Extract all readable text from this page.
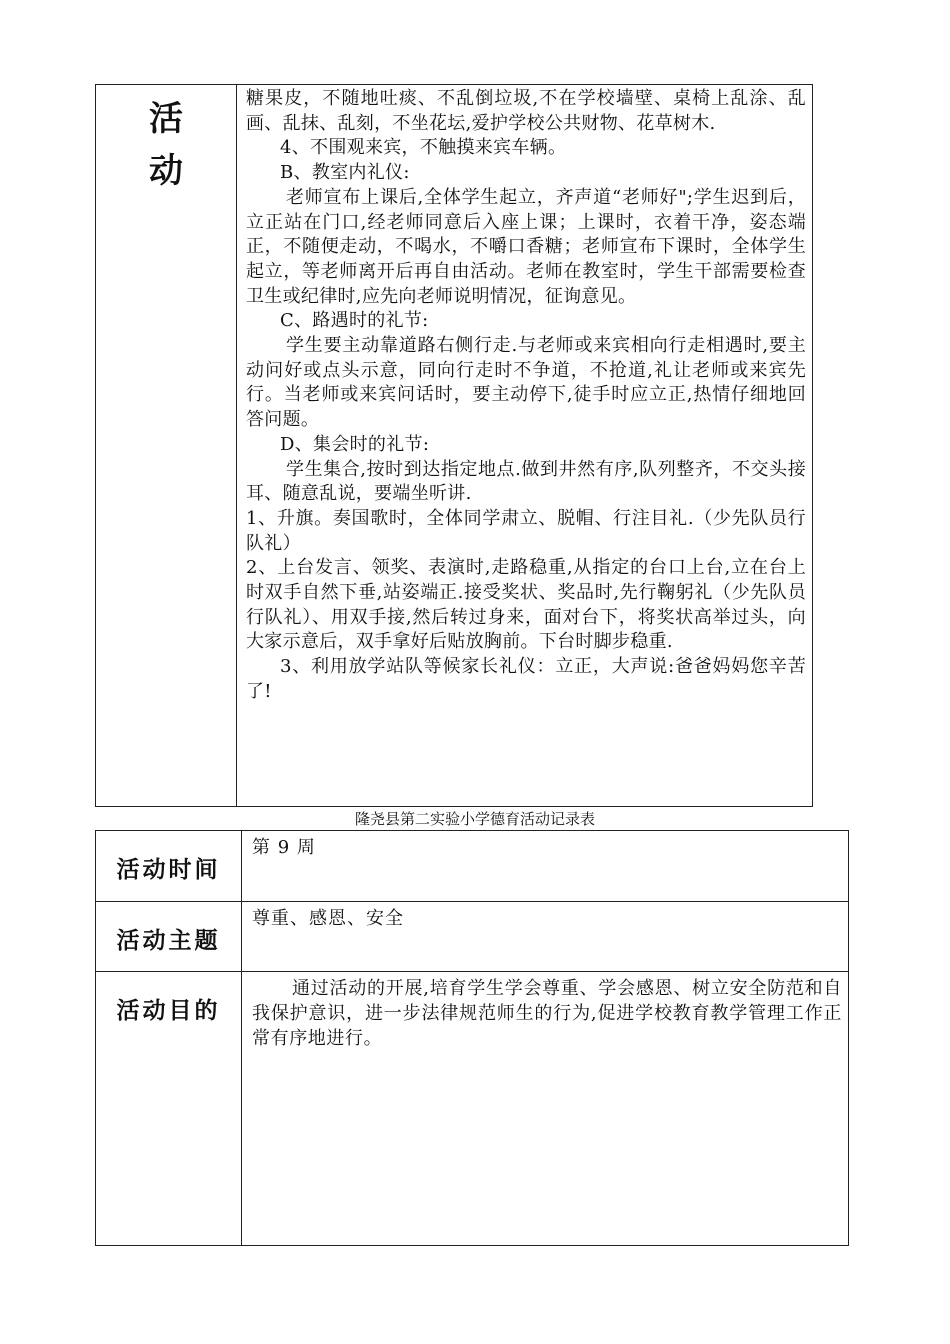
活
动

糖果皮，不随地吐痰、不乱倒垃圾,不在学校墙壁、桌椅上乱涂、乱画、乱抹、乱刻，不坐花坛,爱护学校公共财物、花草树木.

4、不围观来宾，不触摸来宾车辆。

B、教室内礼仪:

老师宣布上课后,全体学生起立，齐声道“老师好";学生迟到后，立正站在门口,经老师同意后入座上课；上课时，衣着干净，姿态端正，不随便走动，不喝水，不嚼口香糖；老师宣布下课时，全体学生起立，等老师离开后再自由活动。老师在教室时，学生干部需要检查卫生或纪律时,应先向老师说明情况，征询意见。

C、路遇时的礼节:

学生要主动靠道路右侧行走.与老师或来宾相向行走相遇时,要主动问好或点头示意，同向行走时不争道，不抢道,礼让老师或来宾先行。当老师或来宾问话时，要主动停下,徒手时应立正,热情仔细地回答问题。

D、集会时的礼节:

学生集合,按时到达指定地点.做到井然有序,队列整齐，不交头接耳、随意乱说，要端坐听讲.

1、升旗。奏国歌时，全体同学肃立、脱帽、行注目礼.（少先队员行队礼）

2、上台发言、领奖、表演时,走路稳重,从指定的台口上台,立在台上时双手自然下垂,站姿端正.接受奖状、奖品时,先行鞠躬礼（少先队员行队礼）、用双手接,然后转过身来，面对台下，将奖状高举过头，向大家示意后，双手拿好后贴放胸前。下台时脚步稳重.

3、利用放学站队等候家长礼仪：立正，大声说:爸爸妈妈您辛苦了!

隆尧县第二实验小学德育活动记录表
活动时间
第 9 周
活动主题
尊重、感恩、安全
活动目的
通过活动的开展,培育学生学会尊重、学会感恩、树立安全防范和自我保护意识，进一步法律规范师生的行为,促进学校教育教学管理工作正常有序地进行。
